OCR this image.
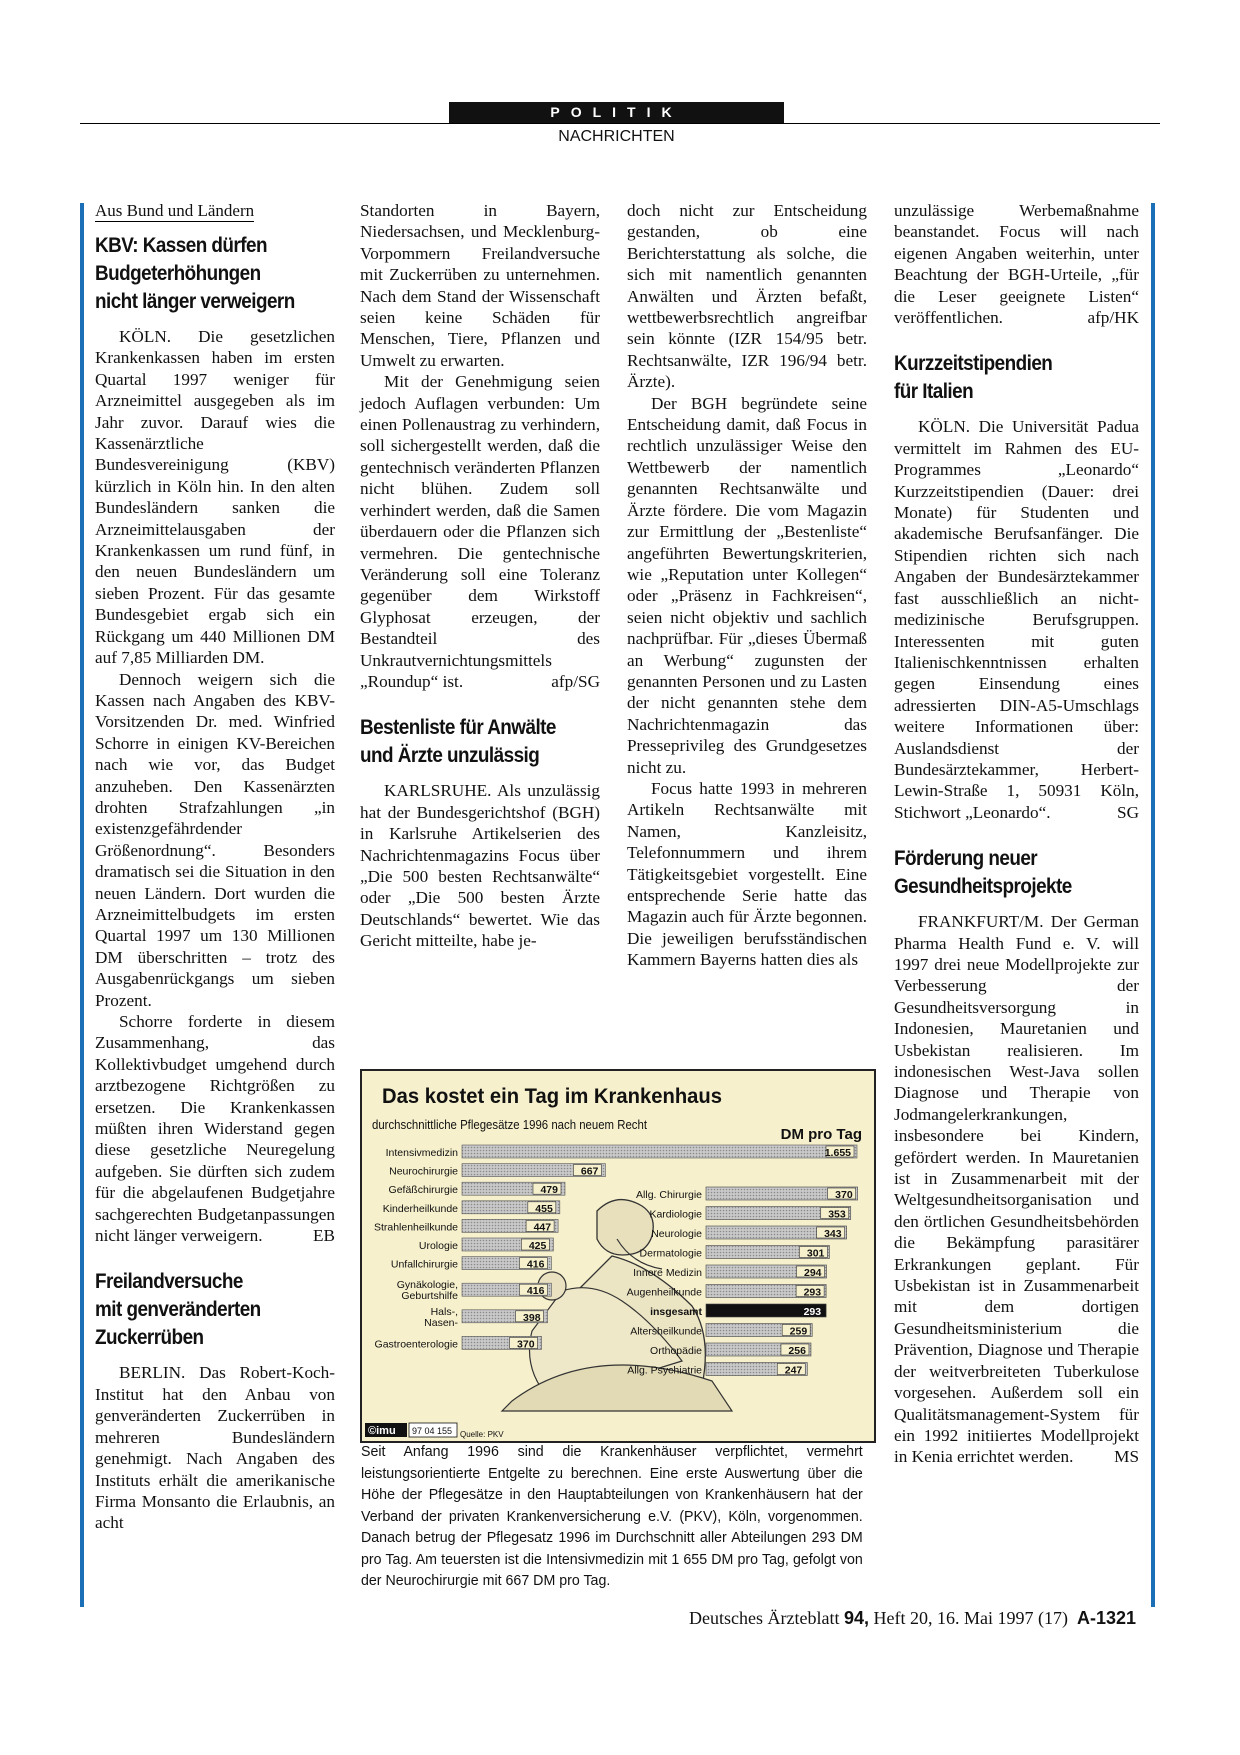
POLITIK
NACHRICHTEN
Aus Bund und Ländern
KBV: Kassen dürfen
Budgeterhöhungen
nicht länger verweigern

KÖLN. Die gesetzlichen Krankenkassen haben im ersten Quartal 1997 weniger für Arzneimittel ausgegeben als im Jahr zuvor. Darauf wies die Kassenärztliche Bundesvereinigung (KBV) kürzlich in Köln hin. In den alten Bundesländern sanken die Arzneimittelausgaben der Krankenkassen um rund fünf, in den neuen Bundesländern um sieben Prozent. Für das gesamte Bundesgebiet ergab sich ein Rückgang um 440 Millionen DM auf 7,85 Milliarden DM.

Dennoch weigern sich die Kassen nach Angaben des KBV-Vorsitzenden Dr. med. Winfried Schorre in einigen KV-Bereichen nach wie vor, das Budget anzuheben. Den Kassenärzten drohten Strafzahlungen „in existenzgefährdender Größenordnung“. Besonders dramatisch sei die Situation in den neuen Ländern. Dort wurden die Arzneimittelbudgets im ersten Quartal 1997 um 130 Millionen DM überschritten – trotz des Ausgabenrückgangs um sieben Prozent.

Schorre forderte in diesem Zusammenhang, das Kollektivbudget umgehend durch arztbezogene Richtgrößen zu ersetzen. Die Krankenkassen müßten ihren Widerstand gegen diese gesetzliche Neuregelung aufgeben. Sie dürften sich zudem für die abgelaufenen Budgetjahre sachgerechten Budgetanpassungen nicht länger verweigern.	EB

Freilandversuche
mit genveränderten
Zuckerrüben

BERLIN. Das Robert-Koch-Institut hat den Anbau von genveränderten Zuckerrüben in mehreren Bundesländern genehmigt. Nach Angaben des Instituts erhält die amerikanische Firma Monsanto die Erlaubnis, an acht

Standorten in Bayern, Niedersachsen, und Mecklenburg-Vorpommern Freilandversuche mit Zuckerrüben zu unternehmen. Nach dem Stand der Wissenschaft seien keine Schäden für Menschen, Tiere, Pflanzen und Umwelt zu erwarten.

Mit der Genehmigung seien jedoch Auflagen verbunden: Um einen Pollenaustrag zu verhindern, soll sichergestellt werden, daß die gentechnisch veränderten Pflanzen nicht blühen. Zudem soll verhindert werden, daß die Samen überdauern oder die Pflanzen sich vermehren. Die gentechnische Veränderung soll eine Toleranz gegenüber dem Wirkstoff Glyphosat erzeugen, der Bestandteil des Unkrautvernichtungsmittels „Roundup“ ist.	afp/SG

Bestenliste für Anwälte
und Ärzte unzulässig

KARLSRUHE. Als unzulässig hat der Bundesgerichtshof (BGH) in Karlsruhe Artikelserien des Nachrichtenmagazins Focus über „Die 500 besten Rechtsanwälte“ oder „Die 500 besten Ärzte Deutschlands“ bewertet. Wie das Gericht mitteilte, habe je-

doch nicht zur Entscheidung gestanden, ob eine Berichterstattung als solche, die sich mit namentlich genannten Anwälten und Ärzten befaßt, wettbewerbsrechtlich angreifbar sein könnte (IZR 154/95 betr. Rechtsanwälte, IZR 196/94 betr. Ärzte).

Der BGH begründete seine Entscheidung damit, daß Focus in rechtlich unzulässiger Weise den Wettbewerb der namentlich genannten Rechtsanwälte und Ärzte fördere. Die vom Magazin zur Ermittlung der „Bestenliste“ angeführten Bewertungskriterien, wie „Reputation unter Kollegen“ oder „Präsenz in Fachkreisen“, seien nicht objektiv und sachlich nachprüfbar. Für „dieses Übermaß an Werbung“ zugunsten der genannten Personen und zu Lasten der nicht genannten stehe dem Nachrichtenmagazin das Presseprivileg des Grundgesetzes nicht zu.

Focus hatte 1993 in mehreren Artikeln Rechtsanwälte mit Namen, Kanzleisitz, Telefonnummern und ihrem Tätigkeitsgebiet vorgestellt. Eine entsprechende Serie hatte das Magazin auch für Ärzte begonnen. Die jeweiligen berufsständischen Kammern Bayerns hatten dies als

unzulässige Werbemaßnahme beanstandet. Focus will nach eigenen Angaben weiterhin, unter Beachtung der BGH-Urteile, „für die Leser geeignete Listen“ veröffentlichen.	afp/HK

Kurzzeitstipendien
für Italien

KÖLN. Die Universität Padua vermittelt im Rahmen des EU-Programmes „Leonardo“ Kurzzeitstipendien (Dauer: drei Monate) für Studenten und akademische Berufsanfänger. Die Stipendien richten sich nach Angaben der Bundesärztekammer fast ausschließlich an nicht-medizinische Berufsgruppen. Interessenten mit guten Italienischkenntnissen erhalten gegen Einsendung eines adressierten DIN-A5-Umschlags weitere Informationen über: Auslandsdienst der Bundesärztekammer, Herbert-Lewin-Straße 1, 50931 Köln, Stichwort „Leonardo“.	SG

Förderung neuer
Gesundheitsprojekte

FRANKFURT/M. Der German Pharma Health Fund e. V. will 1997 drei neue Modellprojekte zur Verbesserung der Gesundheitsversorgung in Indonesien, Mauretanien und Usbekistan realisieren. Im indonesischen West-Java sollen Diagnose und Therapie von Jodmangelerkrankungen, insbesondere bei Kindern, gefördert werden. In Mauretanien ist in Zusammenarbeit mit der Weltgesundheitsorganisation und den örtlichen Gesundheitsbehörden die Bekämpfung parasitärer Erkrankungen geplant. Für Usbekistan ist in Zusammenarbeit mit dem dortigen Gesundheitsministerium die Prävention, Diagnose und Therapie der weitverbreiteten Tuberkulose vorgesehen. Außerdem soll ein Qualitätsmanagement-System für ein 1992 initiiertes Modellprojekt in Kenia errichtet werden.	MS

Das kostet ein Tag im Krankenhaus
durchschnittliche Pflegesätze 1996 nach neuem Recht
DM pro Tag
Intensivmedizin	1.655
Neurochirurgie	667
Gefäßchirurgie	479
Kinderheilkunde	455
Strahlenheilkunde	447
Urologie	425
Unfallchirurgie	416
Gynäkologie,
Geburtshilfe	416
Hals-,
Nasen-	398
Gastroenterologie	370
Allg. Chirurgie	370
Kardiologie	353
Neurologie	343
Dermatologie	301
Innere Medizin	294
Augenheilkunde	293
insgesamt	293
Altersheilkunde	259
Orthopädie	256
Allg. Psychiatrie	247
©imu 97 04 155 Quelle: PKV
Seit Anfang 1996 sind die Krankenhäuser verpflichtet, vermehrt leistungsorientierte Entgelte zu berechnen. Eine erste Auswertung über die Höhe der Pflegesätze in den Hauptabteilungen von Krankenhäusern hat der Verband der privaten Krankenversicherung e.V. (PKV), Köln, vorgenommen. Danach betrug der Pflegesatz 1996 im Durchschnitt aller Abteilungen 293 DM pro Tag. Am teuersten ist die Intensivmedizin mit 1 655 DM pro Tag, gefolgt von der Neurochirurgie mit 667 DM pro Tag.
Deutsches Ärzteblatt 94, Heft 20, 16. Mai 1997 (17) A-1321
